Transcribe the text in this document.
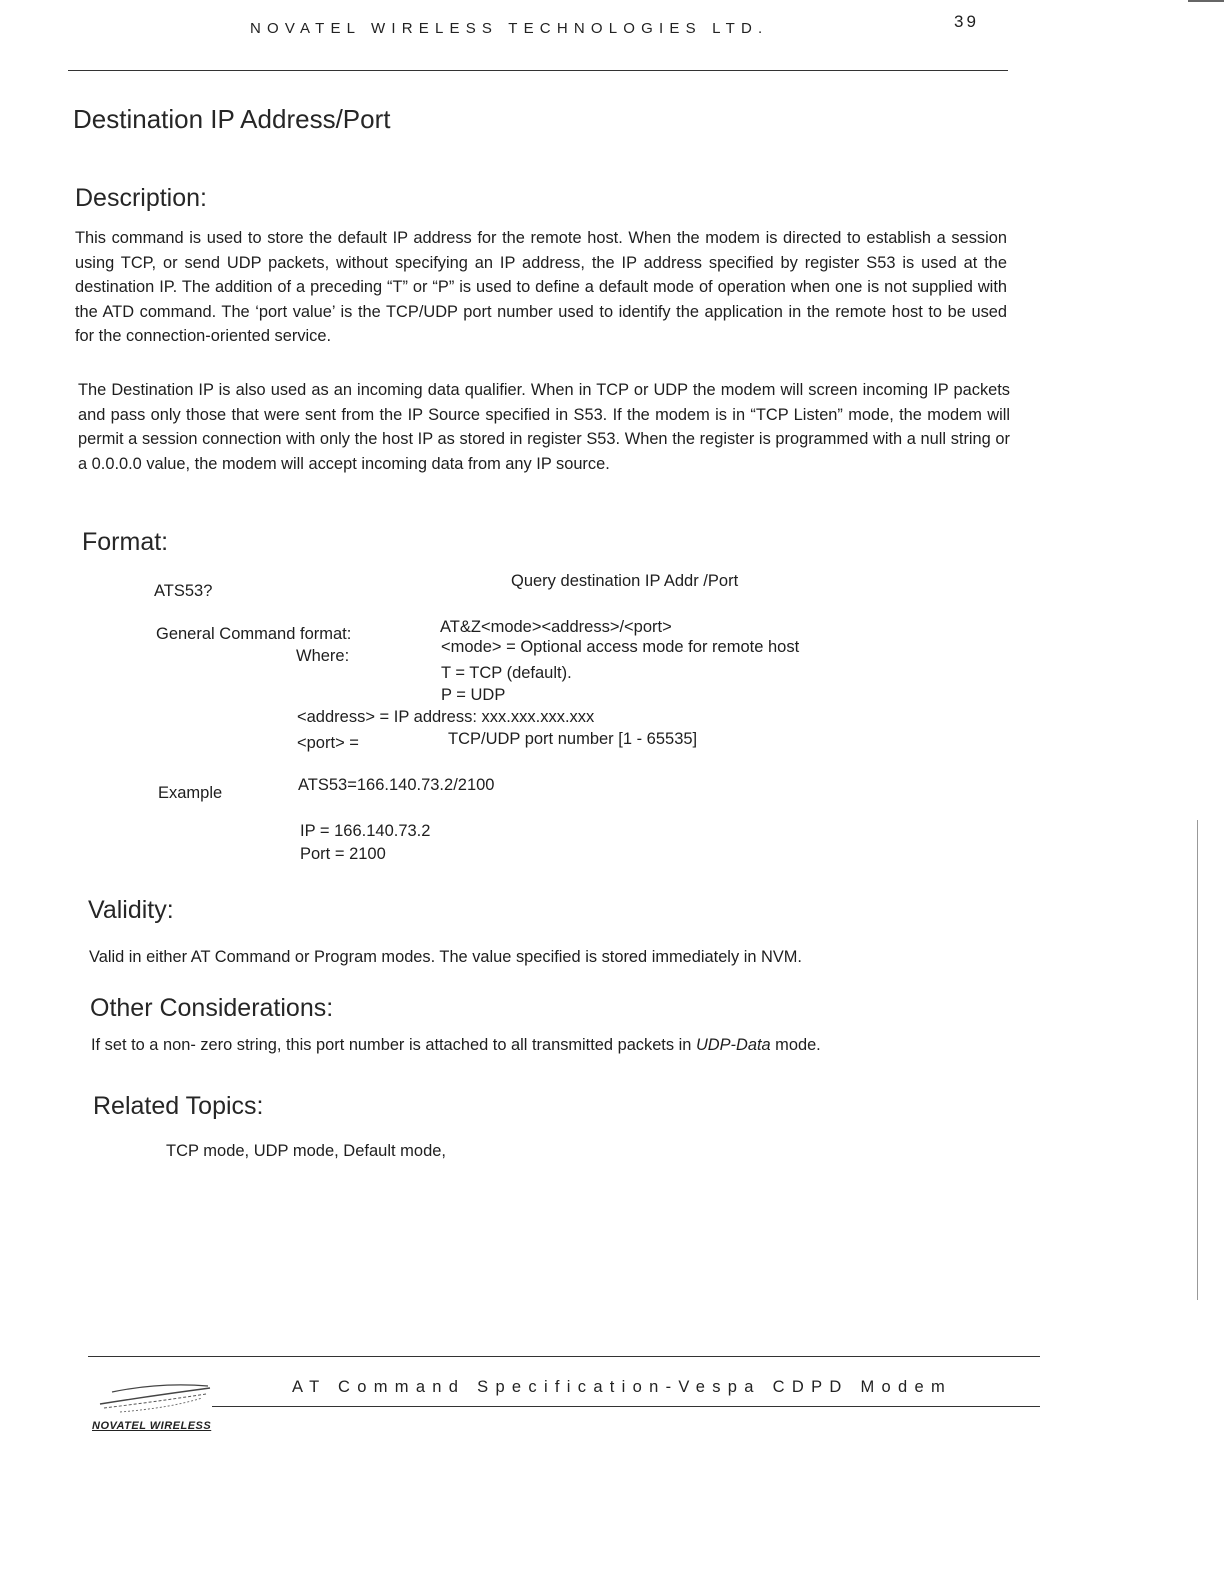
NOVATEL WIRELESS TECHNOLOGIES LTD.	39
Destination IP Address/Port
Description:

This command is used to store the default IP address for the remote host. When the modem is directed to establish a session using TCP, or send UDP packets, without specifying an IP address, the IP address specified by register S53 is used at the destination IP. The addition of a preceding “T” or “P” is used to define a default mode of operation when one is not supplied with the ATD command. The ‘port value’ is the TCP/UDP port number used to identify the application in the remote host to be used for the connection-oriented service.

The Destination IP is also used as an incoming data qualifier. When in TCP or UDP the modem will screen incoming IP packets and pass only those that were sent from the IP Source specified in S53. If the modem is in “TCP Listen” mode, the modem will permit a session connection with only the host IP as stored in register S53. When the register is programmed with a null string or a 0.0.0.0 value, the modem will accept incoming data from any IP source.

Format:
ATS53?
Query destination IP Addr /Port
General Command format:	AT&Z<mode><address>/<port>
Where:	<mode> = Optional access mode for remote host
T = TCP (default).
P = UDP
<address> = IP address: xxx.xxx.xxx.xxx
<port> =	TCP/UDP port number [1 - 65535]
Example	ATS53=166.140.73.2/2100
IP = 166.140.73.2
Port = 2100
Validity:
Valid in either AT Command or Program modes. The value specified is stored immediately in NVM.
Other Considerations:
If set to a non- zero string, this port number is attached to all transmitted packets in UDP-Data mode.
Related Topics:
TCP mode, UDP mode, Default mode,
NOVATEL WIRELESS
AT Command Specification-Vespa CDPD Modem
